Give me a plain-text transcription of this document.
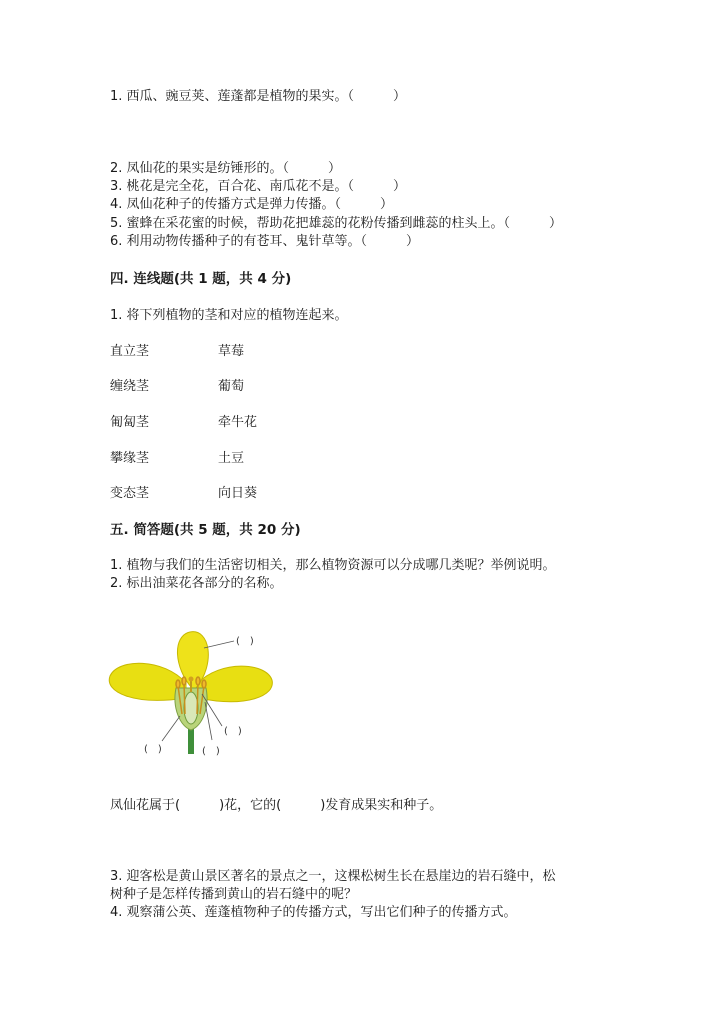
1. 西瓜、豌豆荚、莲蓬都是植物的果实。（　　　）
2. 凤仙花的果实是纺锤形的。（　　　）
3. 桃花是完全花，百合花、南瓜花不是。（　　　）
4. 凤仙花种子的传播方式是弹力传播。（　　　）
5. 蜜蜂在采花蜜的时候，帮助花把雄蕊的花粉传播到雌蕊的柱头上。（　　　）
6. 利用动物传播种子的有苍耳、鬼针草等。（　　　）
四. 连线题(共 1 题，共 4 分)
1. 将下列植物的茎和对应的植物连起来。
直立茎	草莓
缠绕茎	葡萄
匍匐茎	牵牛花
攀缘茎	土豆
变态茎	向日葵
五. 简答题(共 5 题，共 20 分)
1. 植物与我们的生活密切相关，那么植物资源可以分成哪几类呢？举例说明。
2. 标出油菜花各部分的名称。
(　)
(　)
(　)
(　)
凤仙花属于(　　　)花，它的(　　　)发育成果实和种子。
3. 迎客松是黄山景区著名的景点之一，这棵松树生长在悬崖边的岩石缝中，松
树种子是怎样传播到黄山的岩石缝中的呢？
4. 观察蒲公英、莲蓬植物种子的传播方式，写出它们种子的传播方式。
